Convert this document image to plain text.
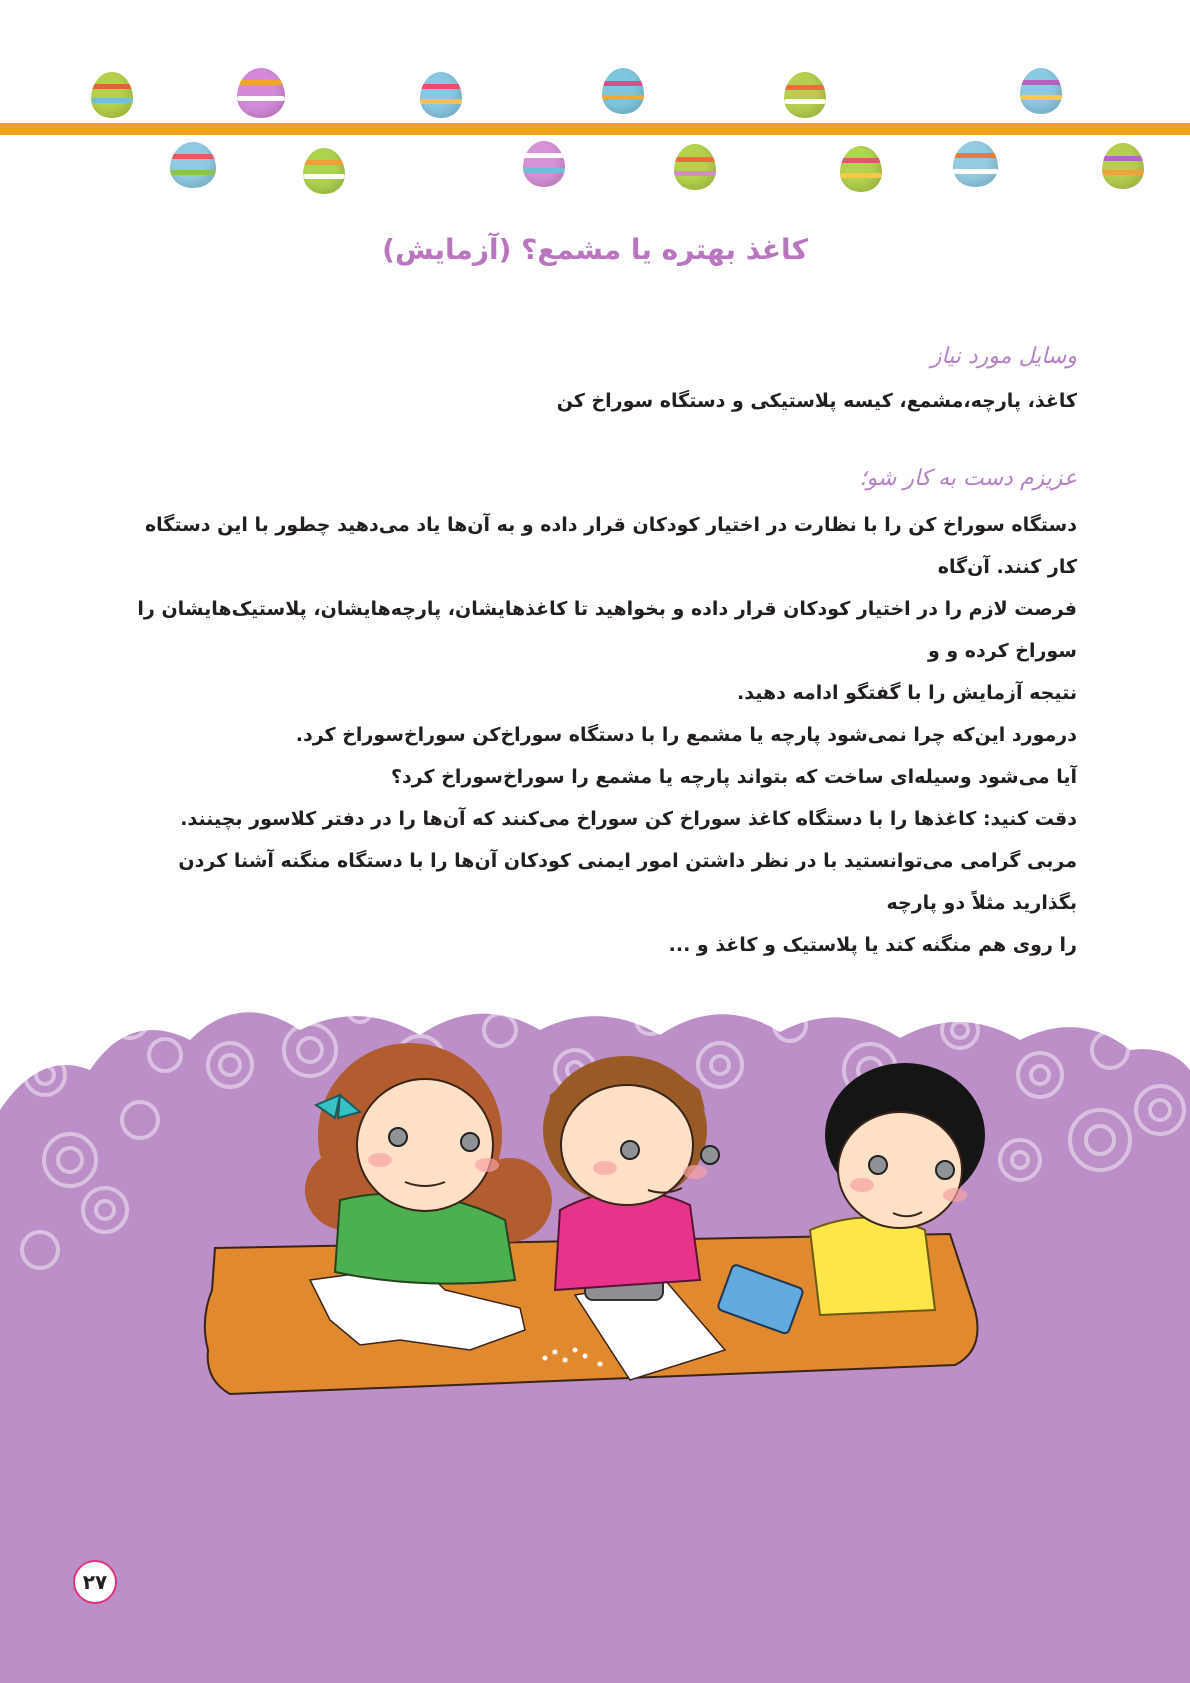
کاغذ بهتره یا مشمع؟ (آزمایش)
وسایل مورد نیاز

کاغذ، پارچه،مشمع، کیسه پلاستیکی و دستگاه سوراخ کن

عزیزم دست به کار شو؛

دستگاه سوراخ کن را با نظارت در اختیار کودکان قرار داده و به آن‌ها یاد می‌دهید چطور با این دستگاه کار کنند. آن‌گاه

فرصت لازم را در اختیار کودکان قرار داده و بخواهید تا کاغذهایشان، پارچه‌هایشان، پلاستیک‌هایشان را سوراخ کرده و و

نتیجه آزمایش را با گفتگو ادامه دهید.

درمورد این‌که چرا نمی‌شود پارچه یا مشمع را با دستگاه سوراخ‌کن سوراخ‌سوراخ کرد.

آیا می‌شود وسیله‌ای ساخت که بتواند پارچه یا مشمع را سوراخ‌سوراخ کرد؟

دقت کنید: کاغذها را با دستگاه کاغذ سوراخ کن سوراخ می‌کنند که آن‌ها را در دفتر کلاسور بچینند.

مربی گرامی می‌توانستید با در نظر داشتن امور ایمنی کودکان آن‌ها را با دستگاه منگنه آشنا کردن بگذارید مثلاً دو پارچه

را روی هم منگنه کند یا پلاستیک و کاغذ و ...

۲۷
